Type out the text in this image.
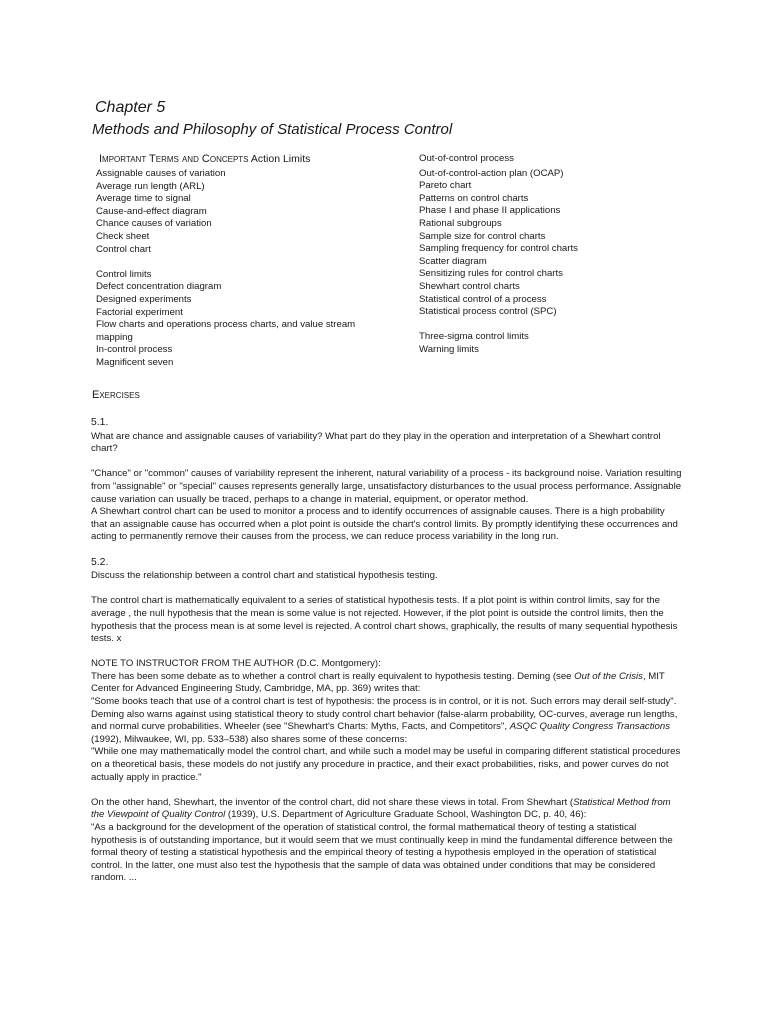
Chapter 5
Methods and Philosophy of Statistical Process Control
Important Terms and Concepts Action Limits
Assignable causes of variation
Average run length (ARL)
Average time to signal
Cause-and-effect diagram
Chance causes of variation
Check sheet
Control chart
Control limits
Defect concentration diagram
Designed experiments
Factorial experiment
Flow charts and operations process charts, and value stream mapping
In-control process
Magnificent seven
Out-of-control process
Out-of-control-action plan (OCAP)
Pareto chart
Patterns on control charts
Phase I and phase II applications
Rational subgroups
Sample size for control charts
Sampling frequency for control charts
Scatter diagram
Sensitizing rules for control charts
Shewhart control charts
Statistical control of a process
Statistical process control (SPC)
Three-sigma control limits
Warning limits
Exercises

5.1.

What are chance and assignable causes of variability? What part do they play in the operation and interpretation of a Shewhart control chart?

"Chance" or "common" causes of variability represent the inherent, natural variability of a process - its background noise. Variation resulting from "assignable" or "special" causes represents generally large, unsatisfactory disturbances to the usual process performance. Assignable cause variation can usually be traced, perhaps to a change in material, equipment, or operator method.

A Shewhart control chart can be used to monitor a process and to identify occurrences of assignable causes. There is a high probability that an assignable cause has occurred when a plot point is outside the chart's control limits. By promptly identifying these occurrences and acting to permanently remove their causes from the process, we can reduce process variability in the long run.

5.2.

Discuss the relationship between a control chart and statistical hypothesis testing.

The control chart is mathematically equivalent to a series of statistical hypothesis tests. If a plot point is within control limits, say for the average , the null hypothesis that the mean is some value is not rejected. However, if the plot point is outside the control limits, then the hypothesis that the process mean is at some level is rejected. A control chart shows, graphically, the results of many sequential hypothesis tests. x

NOTE TO INSTRUCTOR FROM THE AUTHOR (D.C. Montgomery):

There has been some debate as to whether a control chart is really equivalent to hypothesis testing. Deming (see Out of the Crisis, MIT Center for Advanced Engineering Study, Cambridge, MA, pp. 369) writes that:

"Some books teach that use of a control chart is test of hypothesis: the process is in control, or it is not. Such errors may derail self-study".

Deming also warns against using statistical theory to study control chart behavior (false-alarm probability, OC-curves, average run lengths, and normal curve probabilities. Wheeler (see "Shewhart's Charts: Myths, Facts, and Competitors", ASQC Quality Congress Transactions (1992), Milwaukee, WI, pp. 533–538) also shares some of these concerns:

"While one may mathematically model the control chart, and while such a model may be useful in comparing different statistical procedures on a theoretical basis, these models do not justify any procedure in practice, and their exact probabilities, risks, and power curves do not actually apply in practice."

On the other hand, Shewhart, the inventor of the control chart, did not share these views in total. From Shewhart (Statistical Method from the Viewpoint of Quality Control (1939), U.S. Department of Agriculture Graduate School, Washington DC, p. 40, 46):

"As a background for the development of the operation of statistical control, the formal mathematical theory of testing a statistical hypothesis is of outstanding importance, but it would seem that we must continually keep in mind the fundamental difference between the formal theory of testing a statistical hypothesis and the empirical theory of testing a hypothesis employed in the operation of statistical control. In the latter, one must also test the hypothesis that the sample of data was obtained under conditions that may be considered random. ...
